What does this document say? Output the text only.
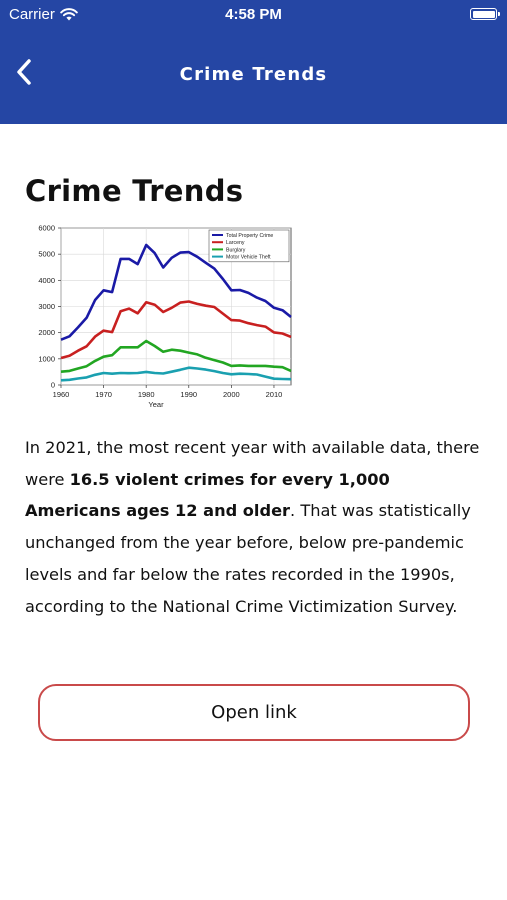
Carrier	4:58 PM
Crime Trends
Crime Trends
0
1000
2000
3000
4000
5000
6000
1960	1970	1980	1990	2000	2010
Year
Total Property Crime
Larceny
Burglary
Motor Vehicle Theft

In 2021, the most recent year with available data, there were 16.5 violent crimes for every 1,000 Americans ages 12 and older. That was statistically unchanged from the year before, below pre-pandemic levels and far below the rates recorded in the 1990s, according to the National Crime Victimization Survey.

Open link
